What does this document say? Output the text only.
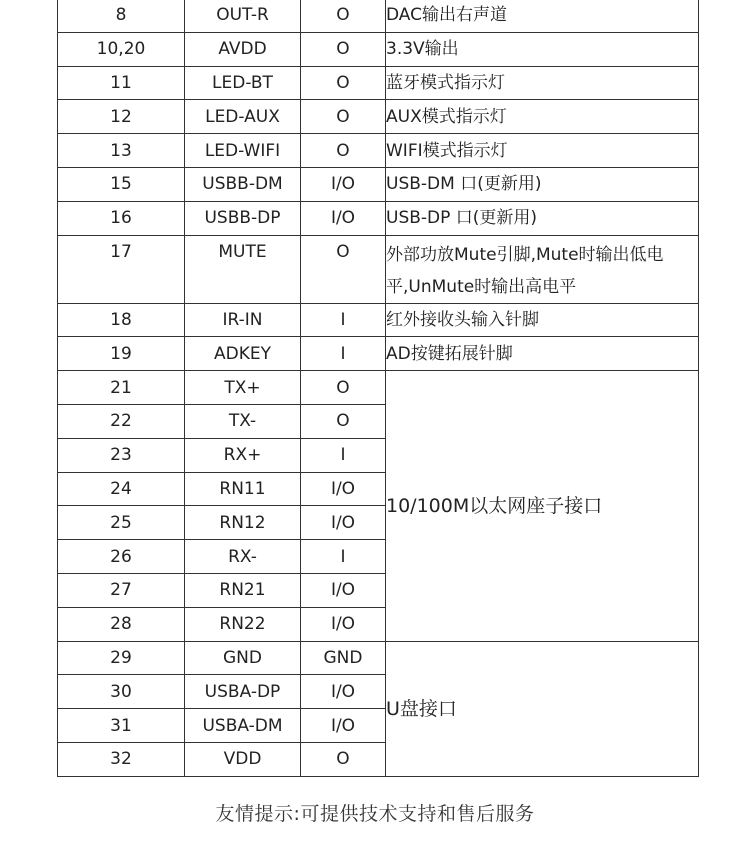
8	OUT-R	O	DAC输出右声道
10,20	AVDD	O	3.3V输出
11	LED-BT	O	蓝牙模式指示灯
12	LED-AUX	O	AUX模式指示灯
13	LED-WIFI	O	WIFI模式指示灯
15	USBB-DM	I/O	USB-DM 口(更新用)
16	USBB-DP	I/O	USB-DP 口(更新用)
17	MUTE	O	外部功放Mute引脚,Mute时输出低电平,UnMute时输出高电平
18	IR-IN	I	红外接收头输入针脚
19	ADKEY	I	AD按键拓展针脚
21	TX+	O	10/100M以太网座子接口
22	TX-	O	
23	RX+	I	
24	RN11	I/O	
25	RN12	I/O	
26	RX-	I	
27	RN21	I/O	
28	RN22	I/O	
29	GND	GND	U盘接口
30	USBA-DP	I/O	
31	USBA-DM	I/O	
32	VDD	O	
友情提示:可提供技术支持和售后服务
